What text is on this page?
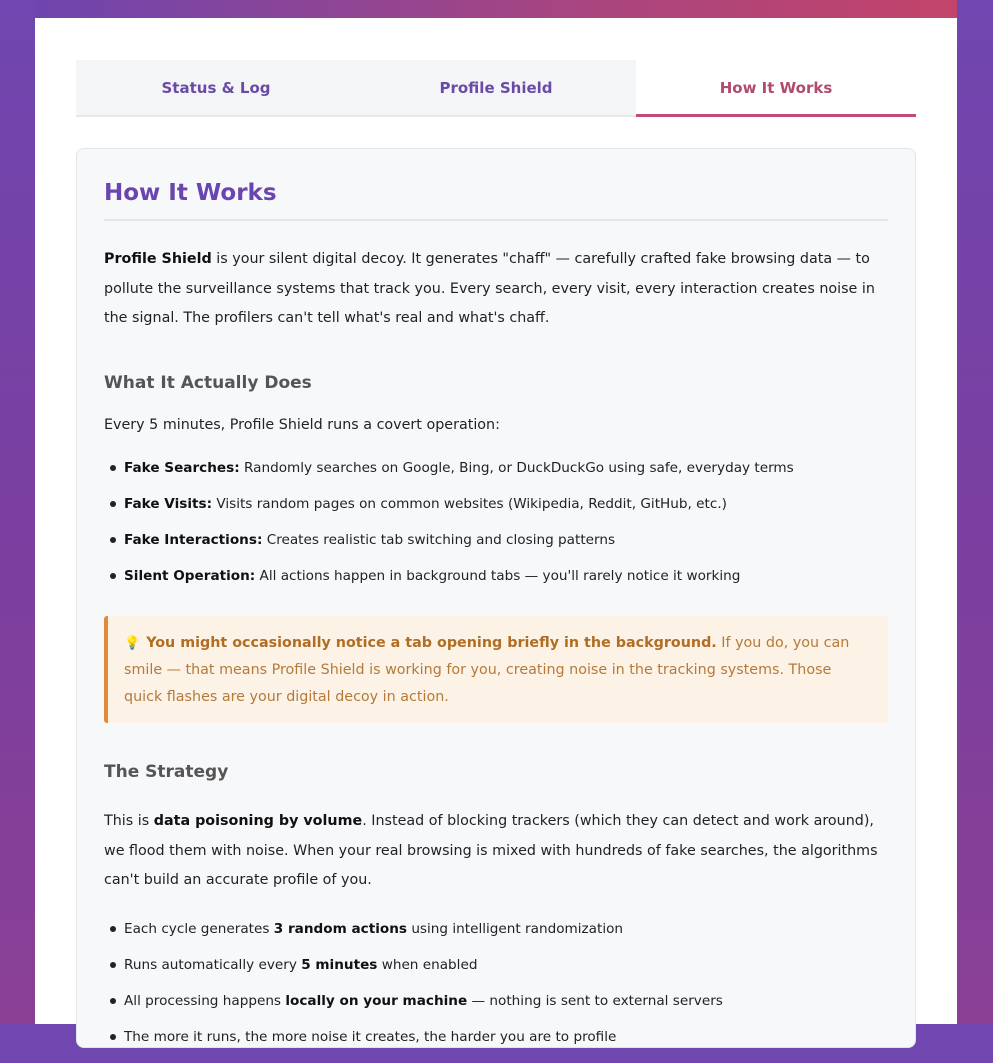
Status & Log	Profile Shield	How It Works
How It Works

Profile Shield is your silent digital decoy. It generates "chaff" — carefully crafted fake browsing data — to pollute the surveillance systems that track you. Every search, every visit, every interaction creates noise in the signal. The profilers can't tell what's real and what's chaff.

What It Actually Does

Every 5 minutes, Profile Shield runs a covert operation:

Fake Searches: Randomly searches on Google, Bing, or DuckDuckGo using safe, everyday terms
Fake Visits: Visits random pages on common websites (Wikipedia, Reddit, GitHub, etc.)
Fake Interactions: Creates realistic tab switching and closing patterns
Silent Operation: All actions happen in background tabs — you'll rarely notice it working
💡 You might occasionally notice a tab opening briefly in the background. If you do, you can smile — that means Profile Shield is working for you, creating noise in the tracking systems. Those quick flashes are your digital decoy in action.
The Strategy

This is data poisoning by volume. Instead of blocking trackers (which they can detect and work around), we flood them with noise. When your real browsing is mixed with hundreds of fake searches, the algorithms can't build an accurate profile of you.

Each cycle generates 3 random actions using intelligent randomization
Runs automatically every 5 minutes when enabled
All processing happens locally on your machine — nothing is sent to external servers
The more it runs, the more noise it creates, the harder you are to profile
